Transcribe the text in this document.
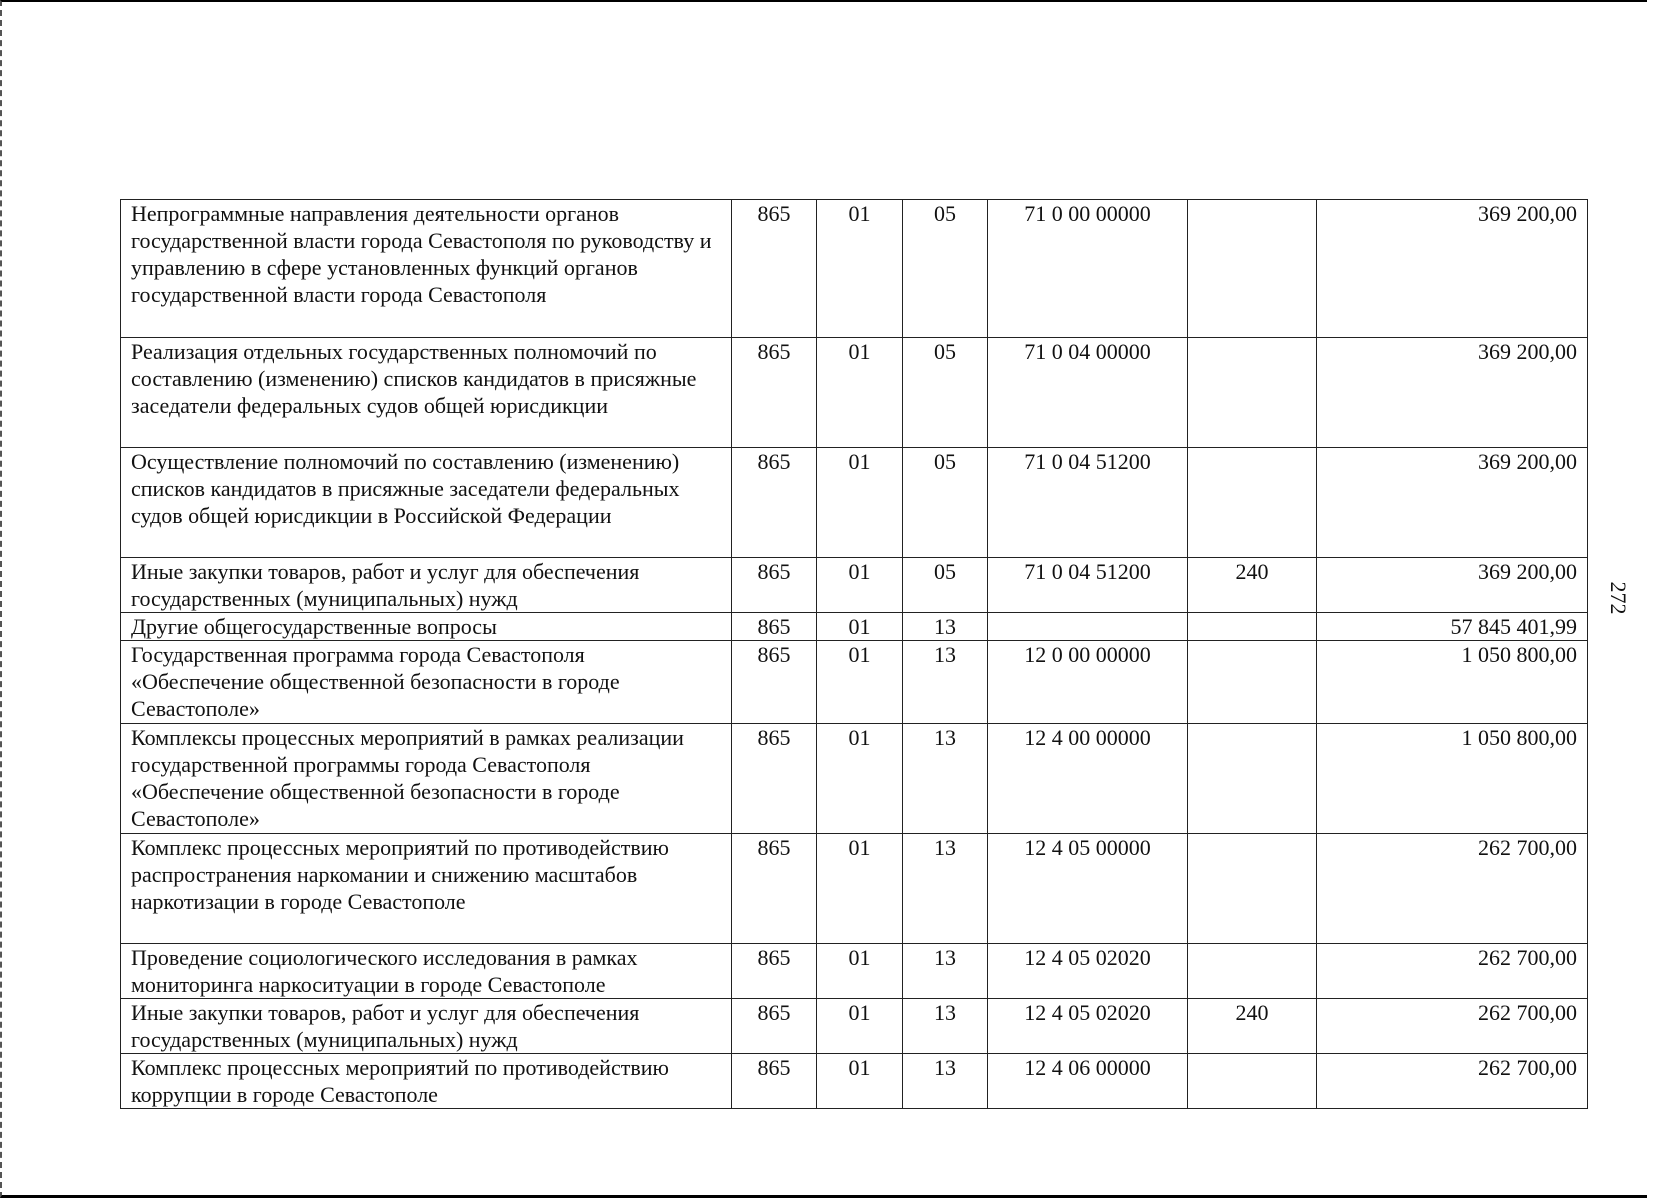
272
Непрограммные направления деятельности органов государственной власти города Севастополя по руководству и управлению в сфере установленных функций органов государственной власти города Севастополя	865	01	05	71 0 00 00000		369 200,00
Реализация отдельных государственных полномочий по составлению (изменению) списков кандидатов в присяжные заседатели федеральных судов общей юрисдикции	865	01	05	71 0 04 00000		369 200,00
Осуществление полномочий по составлению (изменению) списков кандидатов в присяжные заседатели федеральных судов общей юрисдикции в Российской Федерации	865	01	05	71 0 04 51200		369 200,00
Иные закупки товаров, работ и услуг для обеспечения государственных (муниципальных) нужд	865	01	05	71 0 04 51200	240	369 200,00
Другие общегосударственные вопросы	865	01	13			57 845 401,99
Государственная программа города Севастополя «Обеспечение общественной безопасности в городе Севастополе»	865	01	13	12 0 00 00000		1 050 800,00
Комплексы процессных мероприятий в рамках реализации государственной программы города Севастополя «Обеспечение общественной безопасности в городе Севастополе»	865	01	13	12 4 00 00000		1 050 800,00
Комплекс процессных мероприятий по противодействию распространения наркомании и снижению масштабов наркотизации в городе Севастополе	865	01	13	12 4 05 00000		262 700,00
Проведение социологического исследования в рамках мониторинга наркоситуации в городе Севастополе	865	01	13	12 4 05 02020		262 700,00
Иные закупки товаров, работ и услуг для обеспечения государственных (муниципальных) нужд	865	01	13	12 4 05 02020	240	262 700,00
Комплекс процессных мероприятий по противодействию коррупции в городе Севастополе	865	01	13	12 4 06 00000		262 700,00
